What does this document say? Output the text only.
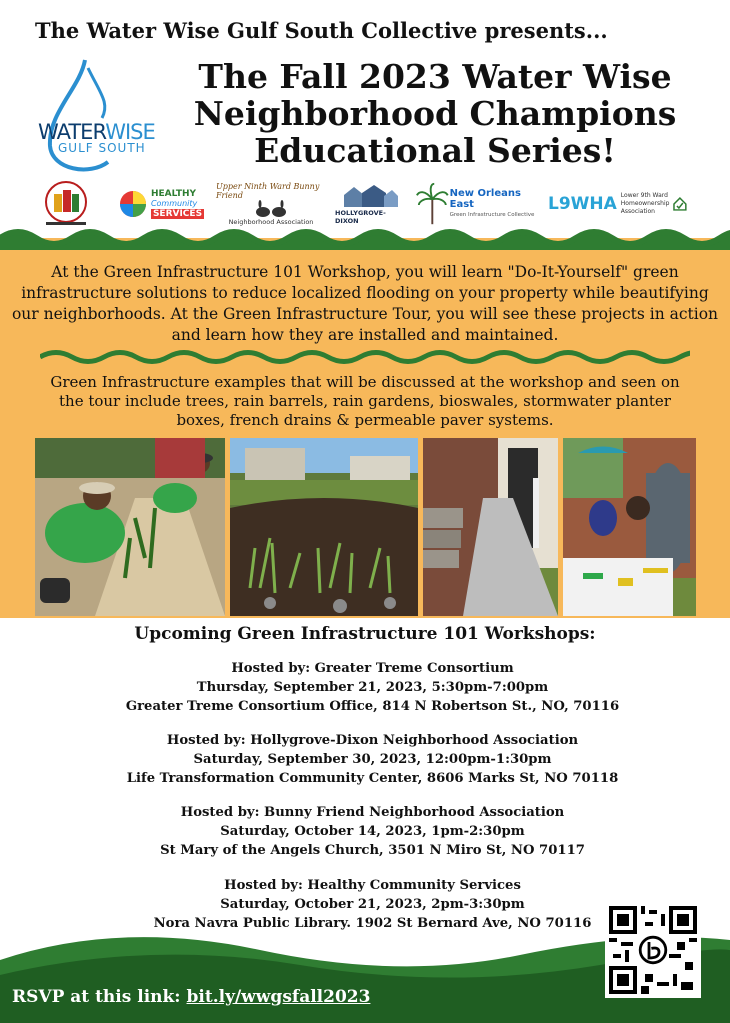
The Water Wise Gulf South Collective presents...
WATERWISE
GULF SOUTH
The Fall 2023 Water Wise
Neighborhood Champions
Educational Series!
HEALTHY
Community
SERVICES
Upper Ninth Ward Bunny Friend
Neighborhood Association
HOLLYGROVE-DIXON
New Orleans East
Green Infrastructure Collective
L9WHA Lower 9th Ward Homeownership Association
At the Green Infrastructure 101 Workshop, you will learn "Do-It-Yourself" green infrastructure solutions to reduce localized flooding on your property while beautifying our neighborhoods. At the Green Infrastructure Tour, you will see these projects in action and learn how they are installed and maintained.
Green Infrastructure examples that will be discussed at the workshop and seen on the tour include trees, rain barrels, rain gardens, bioswales, stormwater planter boxes, french drains & permeable paver systems.
Upcoming Green Infrastructure 101 Workshops:
Hosted by: Greater Treme Consortium
Thursday, September 21, 2023, 5:30pm-7:00pm
Greater Treme Consortium Office, 814 N Robertson St., NO, 70116
Hosted by: Hollygrove-Dixon Neighborhood Association
Saturday, September 30, 2023, 12:00pm-1:30pm
Life Transformation Community Center, 8606 Marks St, NO 70118
Hosted by: Bunny Friend Neighborhood Association
Saturday, October 14, 2023, 1pm-2:30pm
St Mary of the Angels Church, 3501 N Miro St, NO 70117
Hosted by: Healthy Community Services
Saturday, October 21, 2023, 2pm-3:30pm
Nora Navra Public Library. 1902 St Bernard Ave, NO 70116
RSVP at this link: bit.ly/wwgsfall2023
